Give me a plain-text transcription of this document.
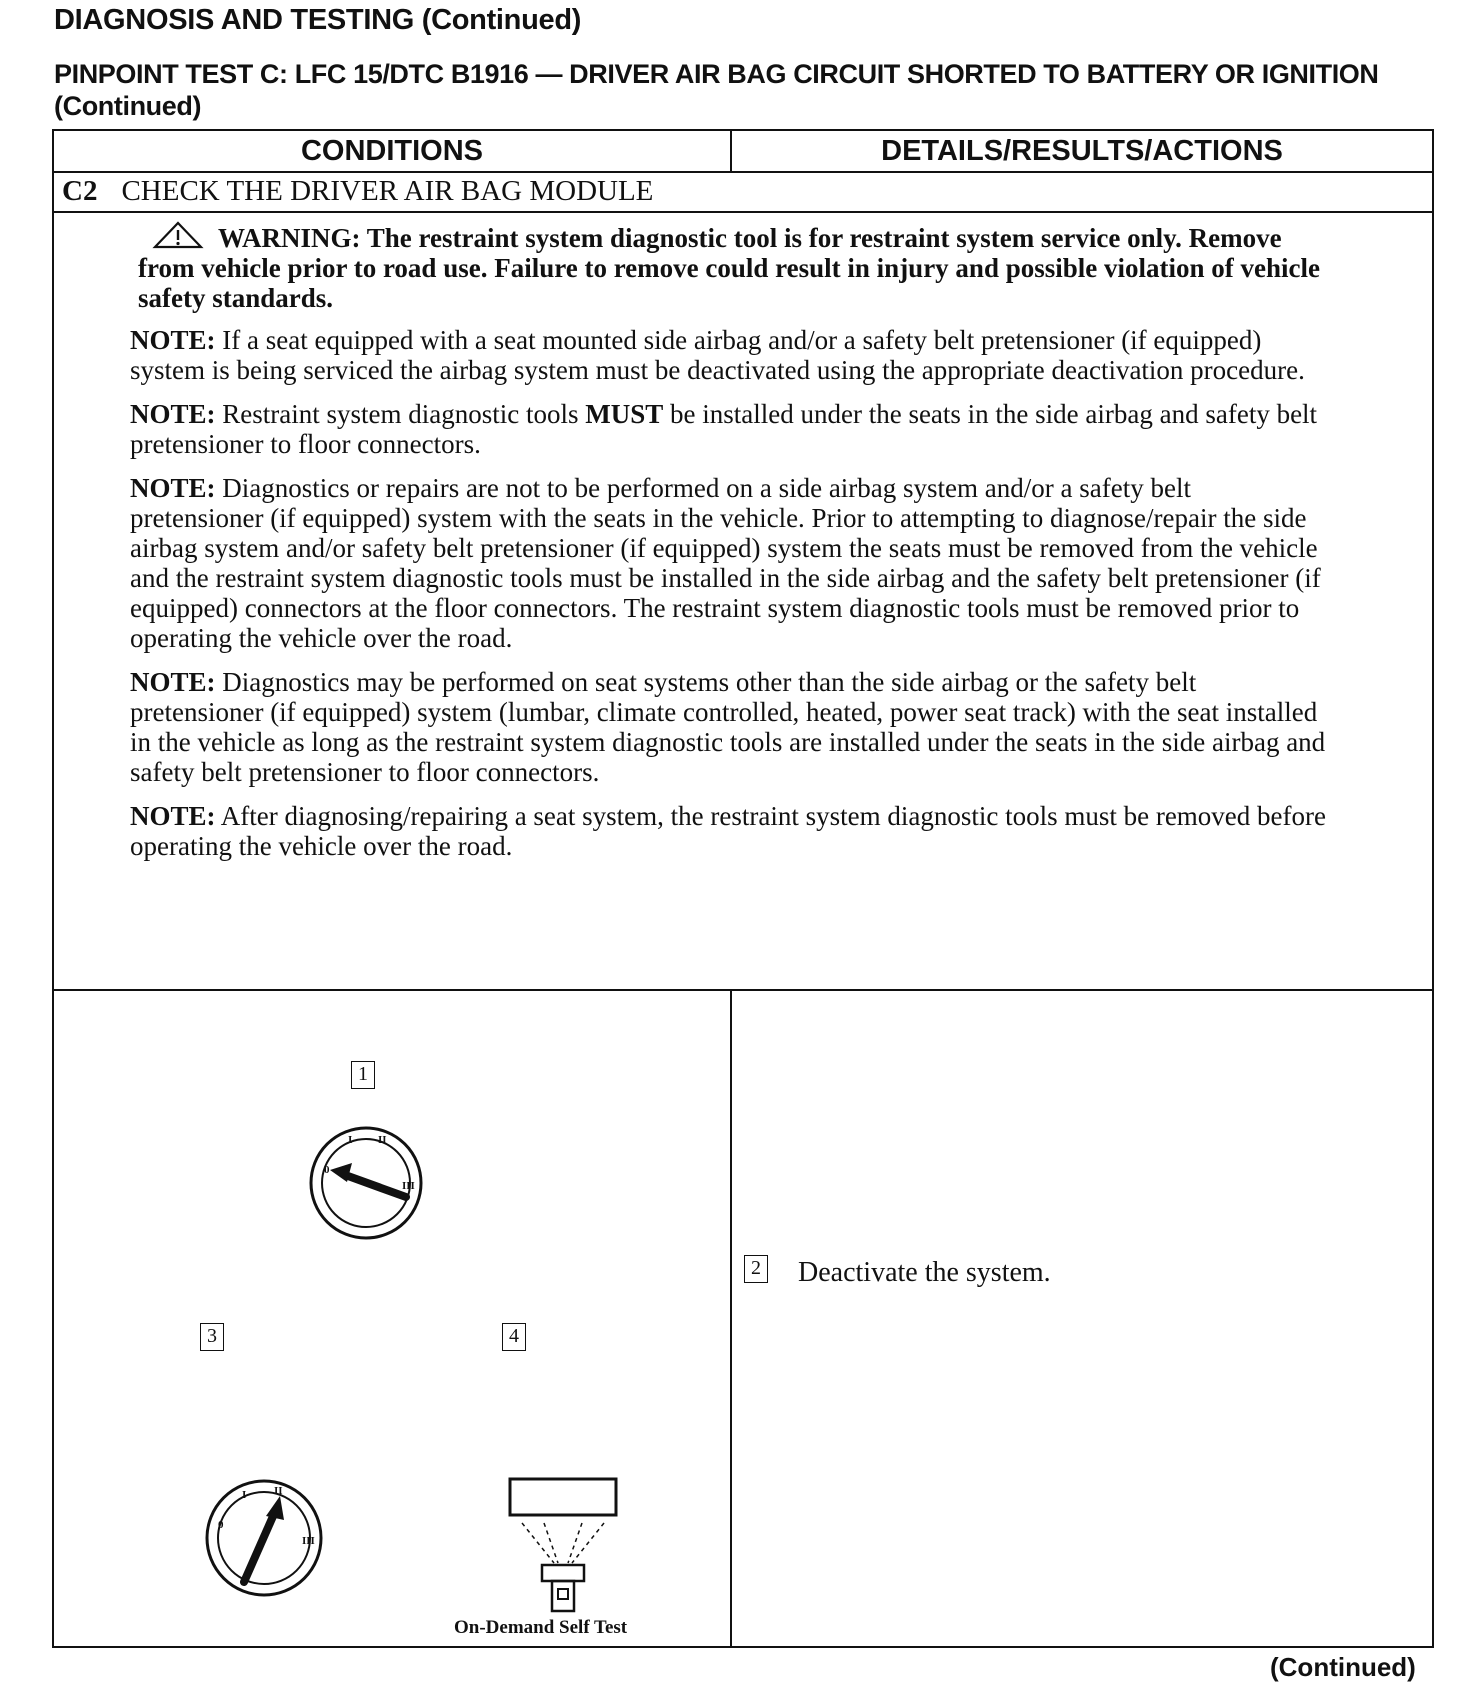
DIAGNOSIS AND TESTING (Continued)
PINPOINT TEST C: LFC 15/DTC B1916 — DRIVER AIR BAG CIRCUIT SHORTED TO BATTERY OR IGNITION (Continued)
CONDITIONS	DETAILS/RESULTS/ACTIONS
C2 CHECK THE DRIVER AIR BAG MODULE
WARNING: The restraint system diagnostic tool is for restraint system service only. Remove from vehicle prior to road use. Failure to remove could result in injury and possible violation of vehicle safety standards.
NOTE: If a seat equipped with a seat mounted side airbag and/or a safety belt pretensioner (if equipped) system is being serviced the airbag system must be deactivated using the appropriate deactivation procedure.
NOTE: Restraint system diagnostic tools MUST be installed under the seats in the side airbag and safety belt pretensioner to floor connectors.
NOTE: Diagnostics or repairs are not to be performed on a side airbag system and/or a safety belt pretensioner (if equipped) system with the seats in the vehicle. Prior to attempting to diagnose/repair the side airbag system and/or safety belt pretensioner (if equipped) system the seats must be removed from the vehicle and the restraint system diagnostic tools must be installed in the side airbag and the safety belt pretensioner (if equipped) connectors at the floor connectors. The restraint system diagnostic tools must be removed prior to operating the vehicle over the road.
NOTE: Diagnostics may be performed on seat systems other than the side airbag or the safety belt pretensioner (if equipped) system (lumbar, climate controlled, heated, power seat track) with the seat installed in the vehicle as long as the restraint system diagnostic tools are installed under the seats in the side airbag and safety belt pretensioner to floor connectors.
NOTE: After diagnosing/repairing a seat system, the restraint system diagnostic tools must be removed before operating the vehicle over the road.
0
I II
III
0
I	II
III
1
3	4
On-Demand Self Test
2 Deactivate the system.
(Continued)
